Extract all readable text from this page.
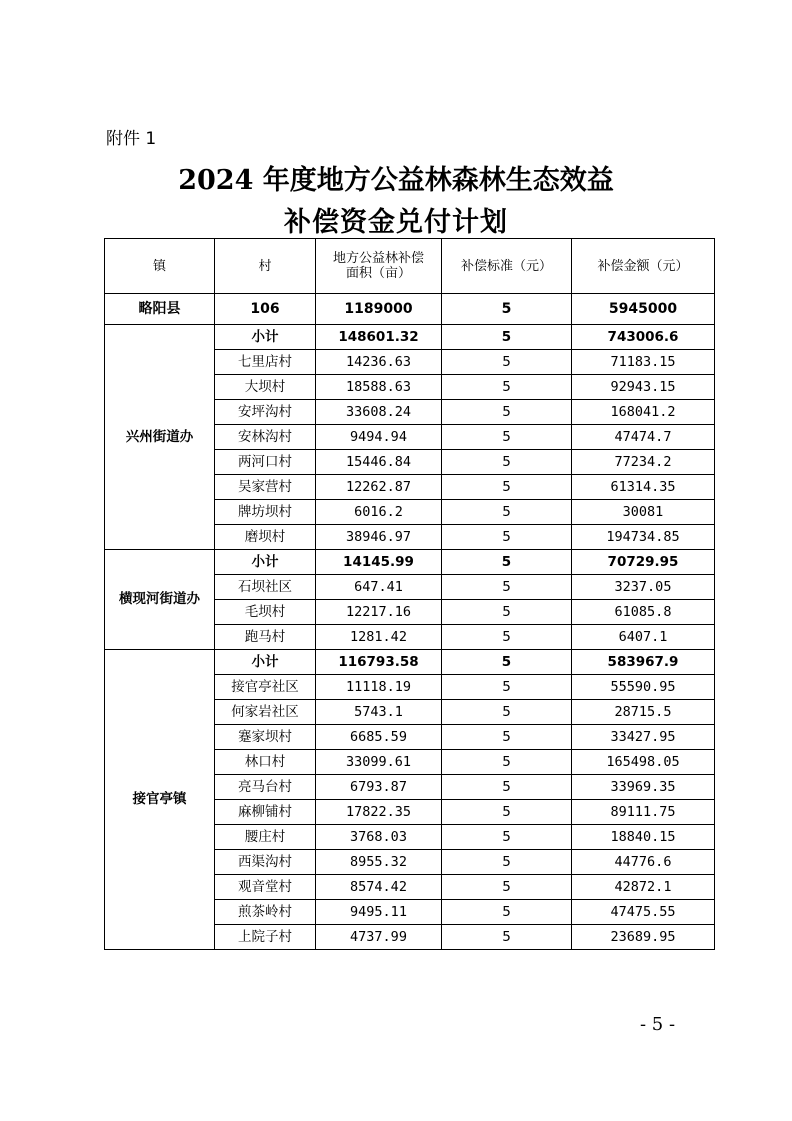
附件 1
2024 年度地方公益林森林生态效益
补偿资金兑付计划
镇	村	地方公益林补偿面积（亩）	补偿标准（元）	补偿金额（元）
略阳县	106	1189000	5	5945000
兴州街道办	小计	148601.32	5	743006.6
	七里店村	14236.63	5	71183.15
	大坝村	18588.63	5	92943.15
	安坪沟村	33608.24	5	168041.2
	安林沟村	9494.94	5	47474.7
	两河口村	15446.84	5	77234.2
	吴家营村	12262.87	5	61314.35
	牌坊坝村	6016.2	5	30081
	磨坝村	38946.97	5	194734.85
横现河街道办	小计	14145.99	5	70729.95
	石坝社区	647.41	5	3237.05
	毛坝村	12217.16	5	61085.8
	跑马村	1281.42	5	6407.1
接官亭镇	小计	116793.58	5	583967.9
	接官亭社区	11118.19	5	55590.95
	何家岩社区	5743.1	5	28715.5
	蹇家坝村	6685.59	5	33427.95
	林口村	33099.61	5	165498.05
	亮马台村	6793.87	5	33969.35
	麻柳铺村	17822.35	5	89111.75
	腰庄村	3768.03	5	18840.15
	西渠沟村	8955.32	5	44776.6
	观音堂村	8574.42	5	42872.1
	煎茶岭村	9495.11	5	47475.55
	上院子村	4737.99	5	23689.95
- 5 -
